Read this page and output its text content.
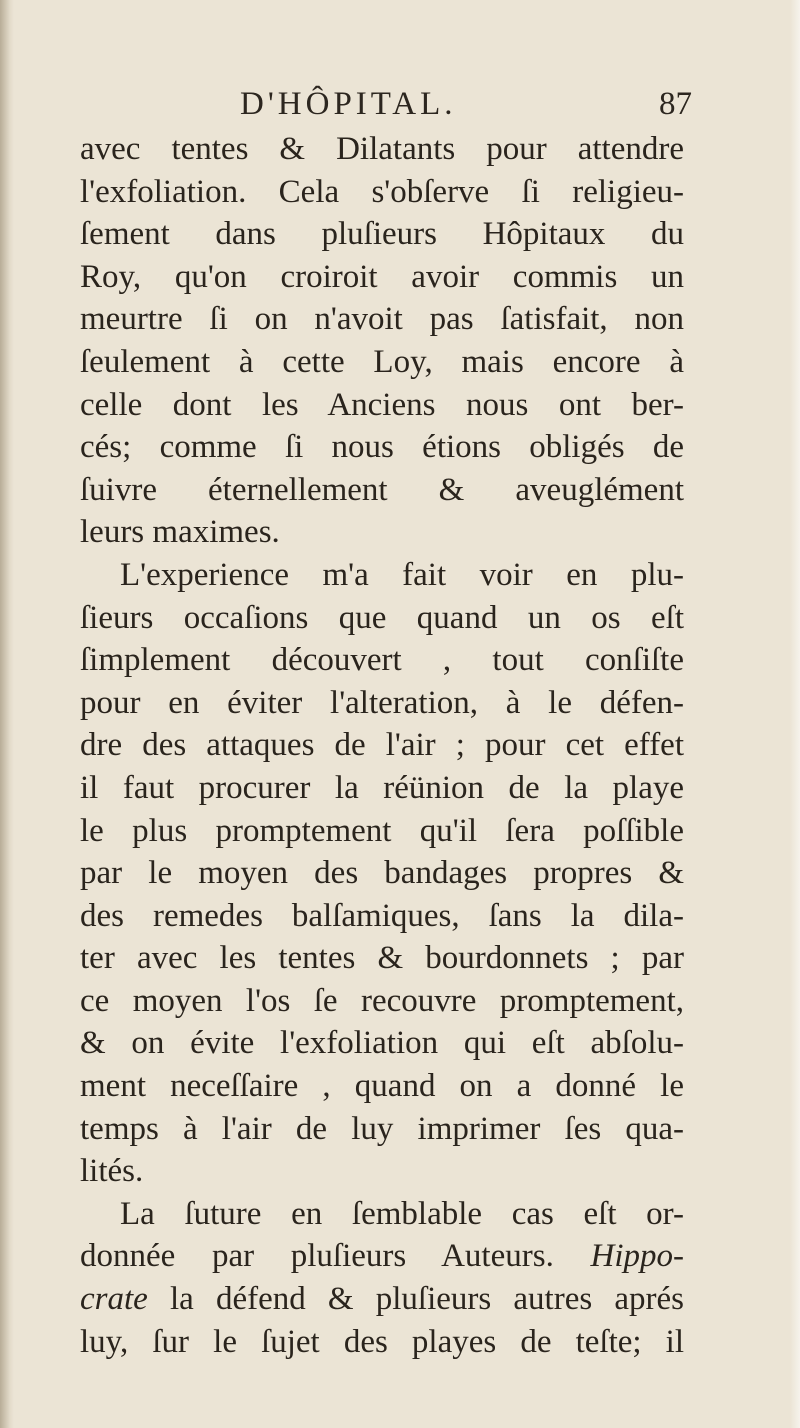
D'HÔPITAL.	87
avec tentes & Dilatants pour attendre
l'exfoliation. Cela s'obſerve ſi religieu-
ſement dans pluſieurs Hôpitaux du
Roy, qu'on croiroit avoir commis un
meurtre ſi on n'avoit pas ſatisfait, non
ſeulement à cette Loy, mais encore à
celle dont les Anciens nous ont ber-
cés; comme ſi nous étions obligés de
ſuivre éternellement & aveuglément
leurs maximes.
L'experience m'a fait voir en plu-
ſieurs occaſions que quand un os eſt
ſimplement découvert , tout conſiſte
pour en éviter l'alteration, à le défen-
dre des attaques de l'air ; pour cet effet
il faut procurer la réünion de la playe
le plus promptement qu'il ſera poſſible
par le moyen des bandages propres &
des remedes balſamiques, ſans la dila-
ter avec les tentes & bourdonnets ; par
ce moyen l'os ſe recouvre promptement,
& on évite l'exfoliation qui eſt abſolu-
ment neceſſaire , quand on a donné le
temps à l'air de luy imprimer ſes qua-
lités.
La ſuture en ſemblable cas eſt or-
donnée par pluſieurs Auteurs. Hippo-
crate la défend & pluſieurs autres aprés
luy, ſur le ſujet des playes de teſte; il
